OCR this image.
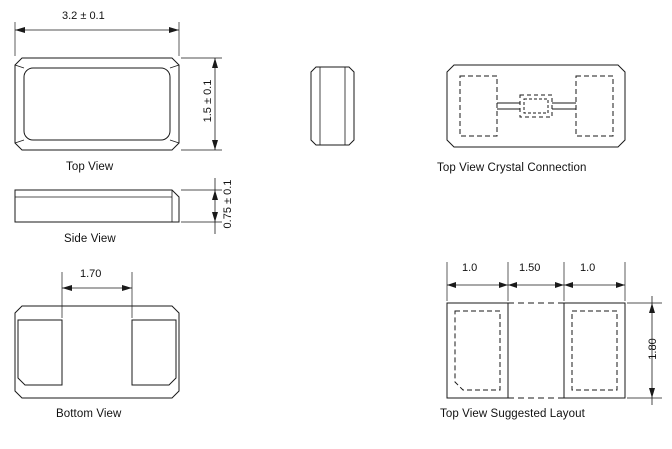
3.2 ± 0.1
1.5 ± 0.1
0.75 ± 0.1
1.70	1.0	1.50	1.0
1.80
Top View
Side View
Bottom View
Top View Crystal Connection
Top View Suggested Layout
